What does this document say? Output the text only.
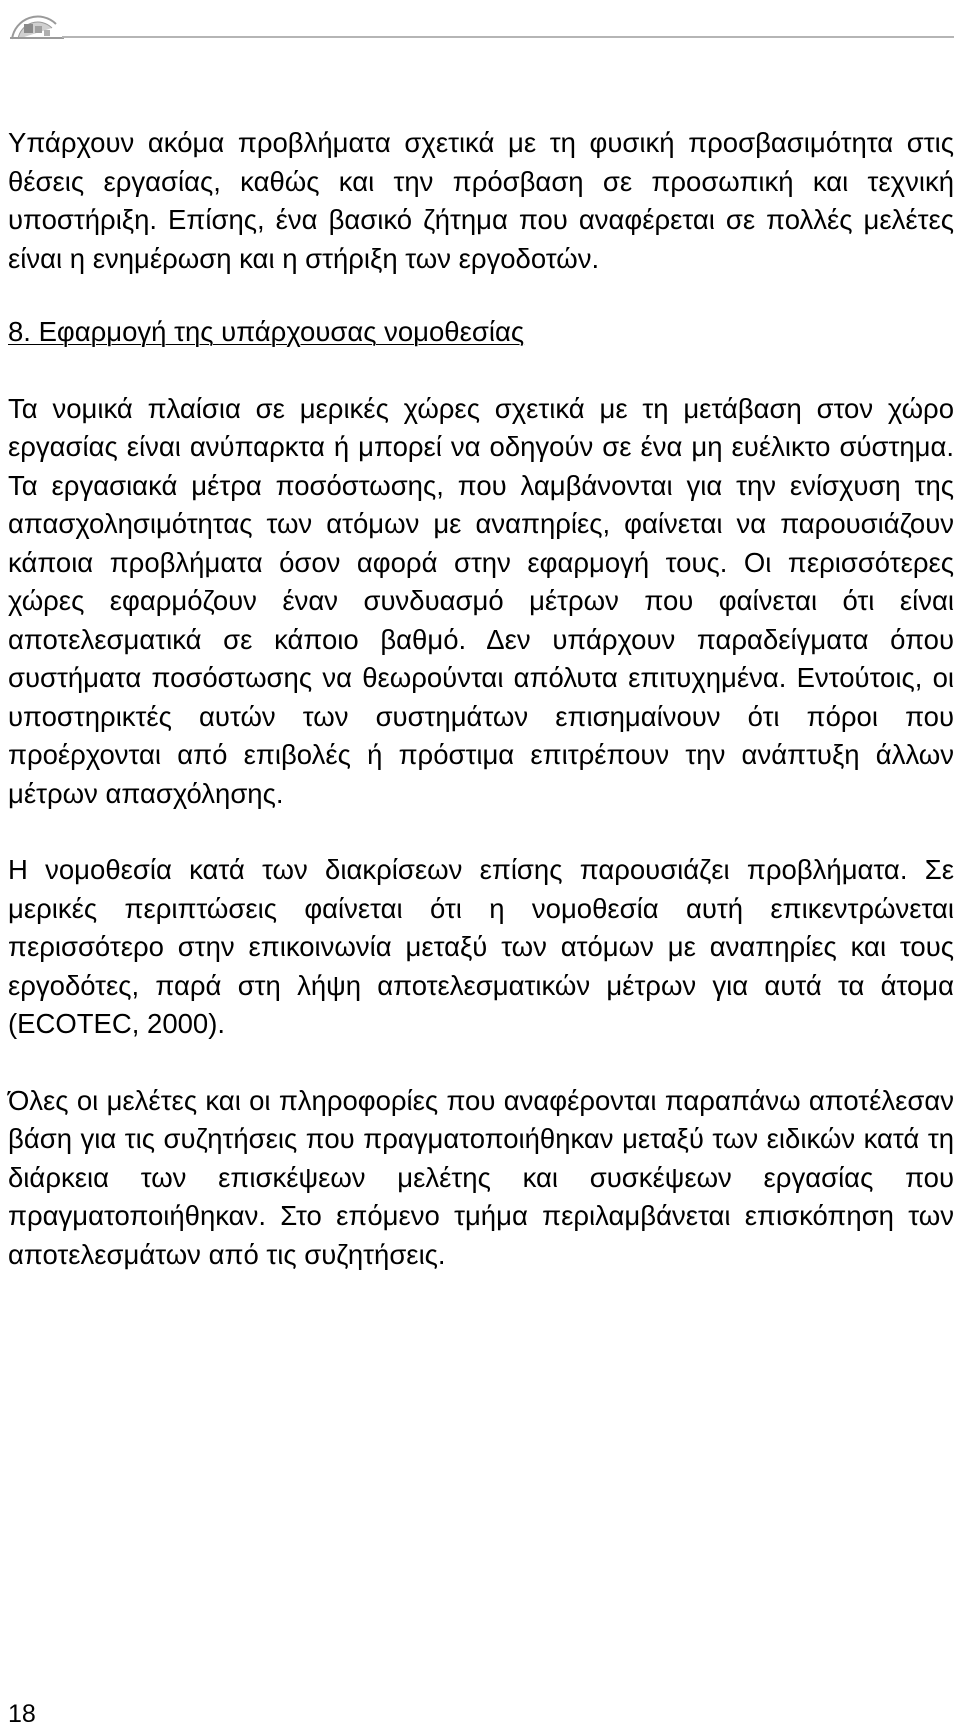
Υπάρχουν ακόμα προβλήματα σχετικά με τη φυσική προσβασιμότητα στις θέσεις εργασίας, καθώς και την πρόσβαση σε προσωπική και τεχνική υποστήριξη. Επίσης, ένα βασικό ζήτημα που αναφέρεται σε πολλές μελέτες είναι η ενημέρωση και η στήριξη των εργοδοτών.

8. Εφαρμογή της υπάρχουσας νομοθεσίας

Τα νομικά πλαίσια σε μερικές χώρες σχετικά με τη μετάβαση στον χώρο εργασίας είναι ανύπαρκτα ή μπορεί να οδηγούν σε ένα μη ευέλικτο σύστημα. Τα εργασιακά μέτρα ποσόστωσης, που λαμβάνονται για την ενίσχυση της απασχολησιμότητας των ατόμων με αναπηρίες, φαίνεται να παρουσιάζουν κάποια προβλήματα όσον αφορά στην εφαρμογή τους. Οι περισσότερες χώρες εφαρμόζουν έναν συνδυασμό μέτρων που φαίνεται ότι είναι αποτελεσματικά σε κάποιο βαθμό. Δεν υπάρχουν παραδείγματα όπου συστήματα ποσόστωσης να θεωρούνται απόλυτα επιτυχημένα. Εντούτοις, οι υποστηρικτές αυτών των συστημάτων επισημαίνουν ότι πόροι που προέρχονται από επιβολές ή πρόστιμα επιτρέπουν την ανάπτυξη άλλων μέτρων απασχόλησης.

Η νομοθεσία κατά των διακρίσεων επίσης παρουσιάζει προβλήματα. Σε μερικές περιπτώσεις φαίνεται ότι η νομοθεσία αυτή επικεντρώνεται περισσότερο στην επικοινωνία μεταξύ των ατόμων με αναπηρίες και τους εργοδότες, παρά στη λήψη αποτελεσματικών μέτρων για αυτά τα άτομα (ECOTEC, 2000).

Όλες οι μελέτες και οι πληροφορίες που αναφέρονται παραπάνω αποτέλεσαν βάση για τις συζητήσεις που πραγματοποιήθηκαν μεταξύ των ειδικών κατά τη διάρκεια των επισκέψεων μελέτης και συσκέψεων εργασίας που πραγματοποιήθηκαν. Στο επόμενο τμήμα περιλαμβάνεται επισκόπηση των αποτελεσμάτων από τις συζητήσεις.

18
